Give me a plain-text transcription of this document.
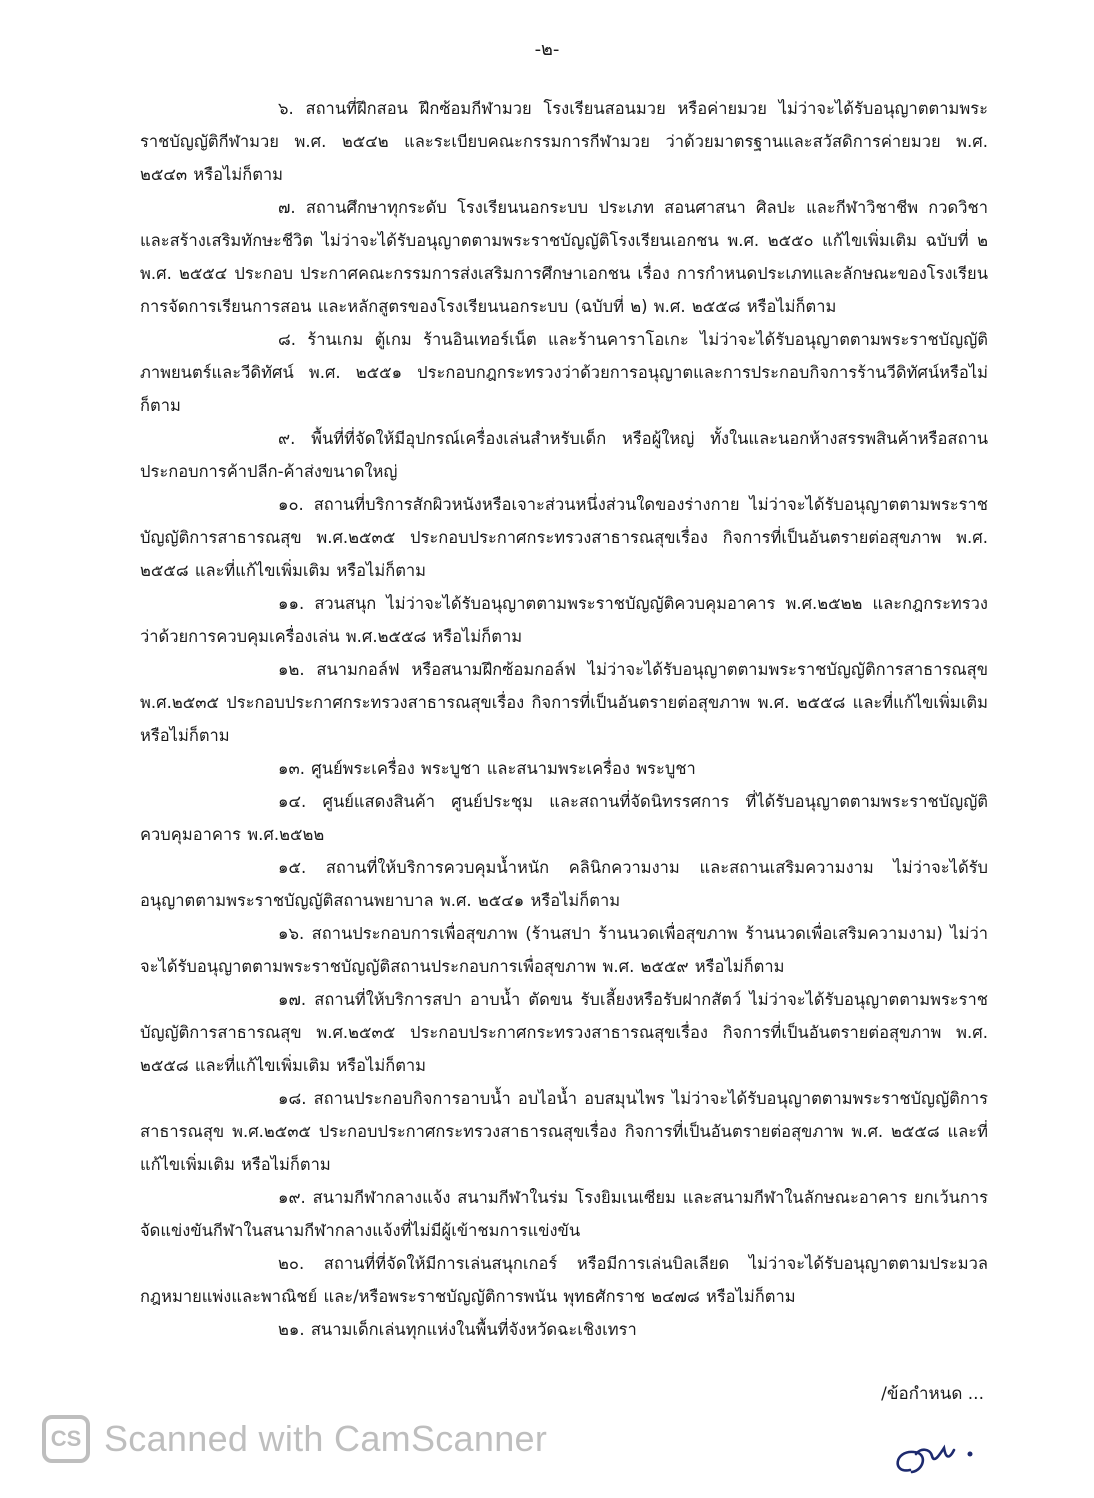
-๒-

๖. สถานที่ฝึกสอน ฝึกซ้อมกีฬามวย โรงเรียนสอนมวย หรือค่ายมวย ไม่ว่าจะได้รับอนุญาตตามพระราชบัญญัติกีฬามวย พ.ศ. ๒๕๔๒ และระเบียบคณะกรรมการกีฬามวย ว่าด้วยมาตรฐานและสวัสดิการค่ายมวย พ.ศ. ๒๕๔๓ หรือไม่ก็ตาม

๗. สถานศึกษาทุกระดับ โรงเรียนนอกระบบ ประเภท สอนศาสนา ศิลปะ และกีฬาวิชาชีพ กวดวิชา และสร้างเสริมทักษะชีวิต ไม่ว่าจะได้รับอนุญาตตามพระราชบัญญัติโรงเรียนเอกชน พ.ศ. ๒๕๕๐ แก้ไขเพิ่มเติม ฉบับที่ ๒ พ.ศ. ๒๕๕๔ ประกอบ ประกาศคณะกรรมการส่งเสริมการศึกษาเอกชน เรื่อง การกำหนดประเภทและลักษณะของโรงเรียน การจัดการเรียนการสอน และหลักสูตรของโรงเรียนนอกระบบ (ฉบับที่ ๒) พ.ศ. ๒๕๕๘ หรือไม่ก็ตาม

๘. ร้านเกม ตู้เกม ร้านอินเทอร์เน็ต และร้านคาราโอเกะ ไม่ว่าจะได้รับอนุญาตตามพระราชบัญญัติภาพยนตร์และวีดิทัศน์ พ.ศ. ๒๕๕๑ ประกอบกฎกระทรวงว่าด้วยการอนุญาตและการประกอบกิจการร้านวีดิทัศน์หรือไม่ก็ตาม

๙. พื้นที่ที่จัดให้มีอุปกรณ์เครื่องเล่นสำหรับเด็ก หรือผู้ใหญ่ ทั้งในและนอกห้างสรรพสินค้าหรือสถานประกอบการค้าปลีก-ค้าส่งขนาดใหญ่

๑๐. สถานที่บริการสักผิวหนังหรือเจาะส่วนหนึ่งส่วนใดของร่างกาย ไม่ว่าจะได้รับอนุญาตตามพระราชบัญญัติการสาธารณสุข พ.ศ.๒๕๓๕ ประกอบประกาศกระทรวงสาธารณสุขเรื่อง กิจการที่เป็นอันตรายต่อสุขภาพ พ.ศ. ๒๕๕๘ และที่แก้ไขเพิ่มเติม หรือไม่ก็ตาม

๑๑. สวนสนุก ไม่ว่าจะได้รับอนุญาตตามพระราชบัญญัติควบคุมอาคาร พ.ศ.๒๕๒๒ และกฎกระทรวงว่าด้วยการควบคุมเครื่องเล่น พ.ศ.๒๕๕๘ หรือไม่ก็ตาม

๑๒. สนามกอล์ฟ หรือสนามฝึกซ้อมกอล์ฟ ไม่ว่าจะได้รับอนุญาตตามพระราชบัญญัติการสาธารณสุข พ.ศ.๒๕๓๕ ประกอบประกาศกระทรวงสาธารณสุขเรื่อง กิจการที่เป็นอันตรายต่อสุขภาพ พ.ศ. ๒๕๕๘ และที่แก้ไขเพิ่มเติม หรือไม่ก็ตาม

๑๓. ศูนย์พระเครื่อง พระบูชา และสนามพระเครื่อง พระบูชา

๑๔. ศูนย์แสดงสินค้า ศูนย์ประชุม และสถานที่จัดนิทรรศการ ที่ได้รับอนุญาตตามพระราชบัญญัติควบคุมอาคาร พ.ศ.๒๕๒๒

๑๕. สถานที่ให้บริการควบคุมน้ำหนัก คลินิกความงาม และสถานเสริมความงาม ไม่ว่าจะได้รับอนุญาตตามพระราชบัญญัติสถานพยาบาล พ.ศ. ๒๕๔๑ หรือไม่ก็ตาม

๑๖. สถานประกอบการเพื่อสุขภาพ (ร้านสปา ร้านนวดเพื่อสุขภาพ ร้านนวดเพื่อเสริมความงาม) ไม่ว่าจะได้รับอนุญาตตามพระราชบัญญัติสถานประกอบการเพื่อสุขภาพ พ.ศ. ๒๕๕๙ หรือไม่ก็ตาม

๑๗. สถานที่ให้บริการสปา อาบน้ำ ตัดขน รับเลี้ยงหรือรับฝากสัตว์ ไม่ว่าจะได้รับอนุญาตตามพระราชบัญญัติการสาธารณสุข พ.ศ.๒๕๓๕ ประกอบประกาศกระทรวงสาธารณสุขเรื่อง กิจการที่เป็นอันตรายต่อสุขภาพ พ.ศ. ๒๕๕๘ และที่แก้ไขเพิ่มเติม หรือไม่ก็ตาม

๑๘. สถานประกอบกิจการอาบน้ำ อบไอน้ำ อบสมุนไพร ไม่ว่าจะได้รับอนุญาตตามพระราชบัญญัติการสาธารณสุข พ.ศ.๒๕๓๕ ประกอบประกาศกระทรวงสาธารณสุขเรื่อง กิจการที่เป็นอันตรายต่อสุขภาพ พ.ศ. ๒๕๕๘ และที่แก้ไขเพิ่มเติม หรือไม่ก็ตาม

๑๙. สนามกีฬากลางแจ้ง สนามกีฬาในร่ม โรงยิมเนเซียม และสนามกีฬาในลักษณะอาคาร ยกเว้นการจัดแข่งขันกีฬาในสนามกีฬากลางแจ้งที่ไม่มีผู้เข้าชมการแข่งขัน

๒๐. สถานที่ที่จัดให้มีการเล่นสนุกเกอร์ หรือมีการเล่นบิลเลียด ไม่ว่าจะได้รับอนุญาตตามประมวลกฎหมายแพ่งและพาณิชย์ และ/หรือพระราชบัญญัติการพนัน พุทธศักราช ๒๔๗๘ หรือไม่ก็ตาม

๒๑. สนามเด็กเล่นทุกแห่งในพื้นที่จังหวัดฉะเชิงเทรา

/ข้อกำหนด ...
CS Scanned with CamScanner
